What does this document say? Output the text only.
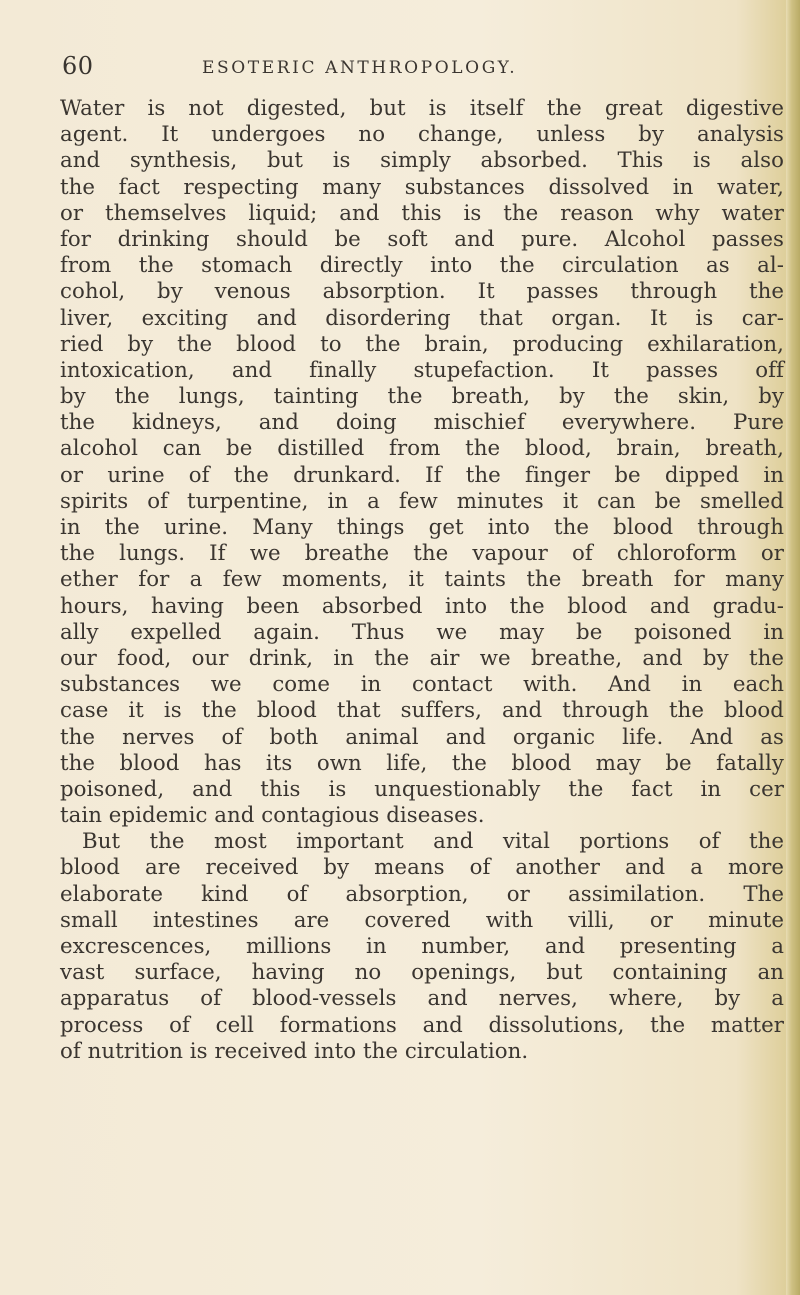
60	ESOTERIC ANTHROPOLOGY.
Water is not digested, but is itself the great digestive
agent. It undergoes no change, unless by analysis
and synthesis, but is simply absorbed. This is also
the fact respecting many substances dissolved in water,
or themselves liquid; and this is the reason why water
for drinking should be soft and pure. Alcohol passes
from the stomach directly into the circulation as al-
cohol, by venous absorption. It passes through the
liver, exciting and disordering that organ. It is car-
ried by the blood to the brain, producing exhilaration,
intoxication, and finally stupefaction. It passes off
by the lungs, tainting the breath, by the skin, by
the kidneys, and doing mischief everywhere. Pure
alcohol can be distilled from the blood, brain, breath,
or urine of the drunkard. If the finger be dipped in
spirits of turpentine, in a few minutes it can be smelled
in the urine. Many things get into the blood through
the lungs. If we breathe the vapour of chloroform or
ether for a few moments, it taints the breath for many
hours, having been absorbed into the blood and gradu-
ally expelled again. Thus we may be poisoned in
our food, our drink, in the air we breathe, and by the
substances we come in contact with. And in each
case it is the blood that suffers, and through the blood
the nerves of both animal and organic life. And as
the blood has its own life, the blood may be fatally
poisoned, and this is unquestionably the fact in cer
tain epidemic and contagious diseases.
But the most important and vital portions of the
blood are received by means of another and a more
elaborate kind of absorption, or assimilation. The
small intestines are covered with villi, or minute
excrescences, millions in number, and presenting a
vast surface, having no openings, but containing an
apparatus of blood-vessels and nerves, where, by a
process of cell formations and dissolutions, the matter
of nutrition is received into the circulation.
